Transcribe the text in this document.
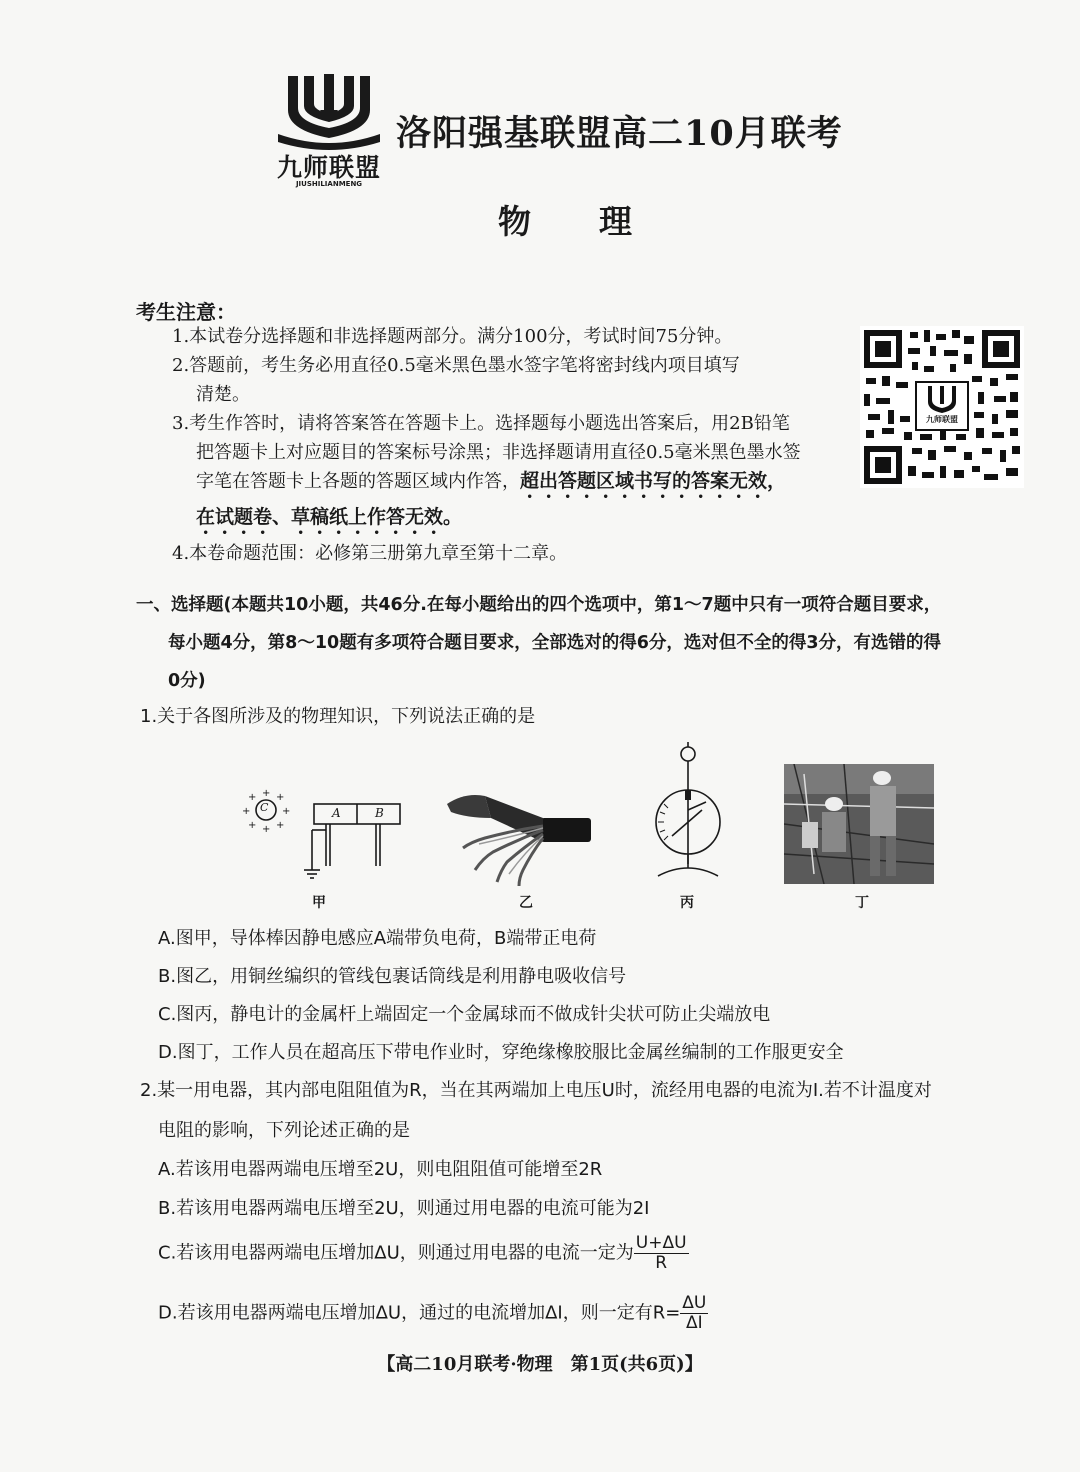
九师联盟
JIUSHILIANMENG
洛阳强基联盟高二10月联考
物理
考生注意：

1.本试卷分选择题和非选择题两部分。满分100分，考试时间75分钟。

2.答题前，考生务必用直径0.5毫米黑色墨水签字笔将密封线内项目填写

清楚。

3.考生作答时，请将答案答在答题卡上。选择题每小题选出答案后，用2B铅笔

把答题卡上对应题目的答案标号涂黑；非选择题请用直径0.5毫米黑色墨水签

字笔在答题卡上各题的答题区域内作答，超出答题区域书写的答案无效，

在试题卷、草稿纸上作答无效。

4.本卷命题范围：必修第三册第九章至第十二章。

九师联盟
一、选择题(本题共10小题，共46分.在每小题给出的四个选项中，第1～7题中只有一项符合题目要求，
每小题4分，第8～10题有多项符合题目要求，全部选对的得6分，选对但不全的得3分，有选错的得
0分)
1.关于各图所涉及的物理知识，下列说法正确的是
+ +
+	+
+ +
+
+
C	A	B
甲	乙	丙	丁
A.图甲，导体棒因静电感应A端带负电荷，B端带正电荷
B.图乙，用铜丝编织的管线包裹话筒线是利用静电吸收信号
C.图丙，静电计的金属杆上端固定一个金属球而不做成针尖状可防止尖端放电
D.图丁，工作人员在超高压下带电作业时，穿绝缘橡胶服比金属丝编制的工作服更安全
2.某一用电器，其内部电阻阻值为R，当在其两端加上电压U时，流经用电器的电流为I.若不计温度对
电阻的影响，下列论述正确的是
A.若该用电器两端电压增至2U，则电阻阻值可能增至2R
B.若该用电器两端电压增至2U，则通过用电器的电流可能为2I
C.若该用电器两端电压增加ΔU，则通过用电器的电流一定为 $\frac{U+\Delta U}{R}$
D.若该用电器两端电压增加ΔU，通过的电流增加ΔI，则一定有$R= \frac{\Delta U}{\Delta I}$
【高二10月联考·物理　第1页(共6页)】
